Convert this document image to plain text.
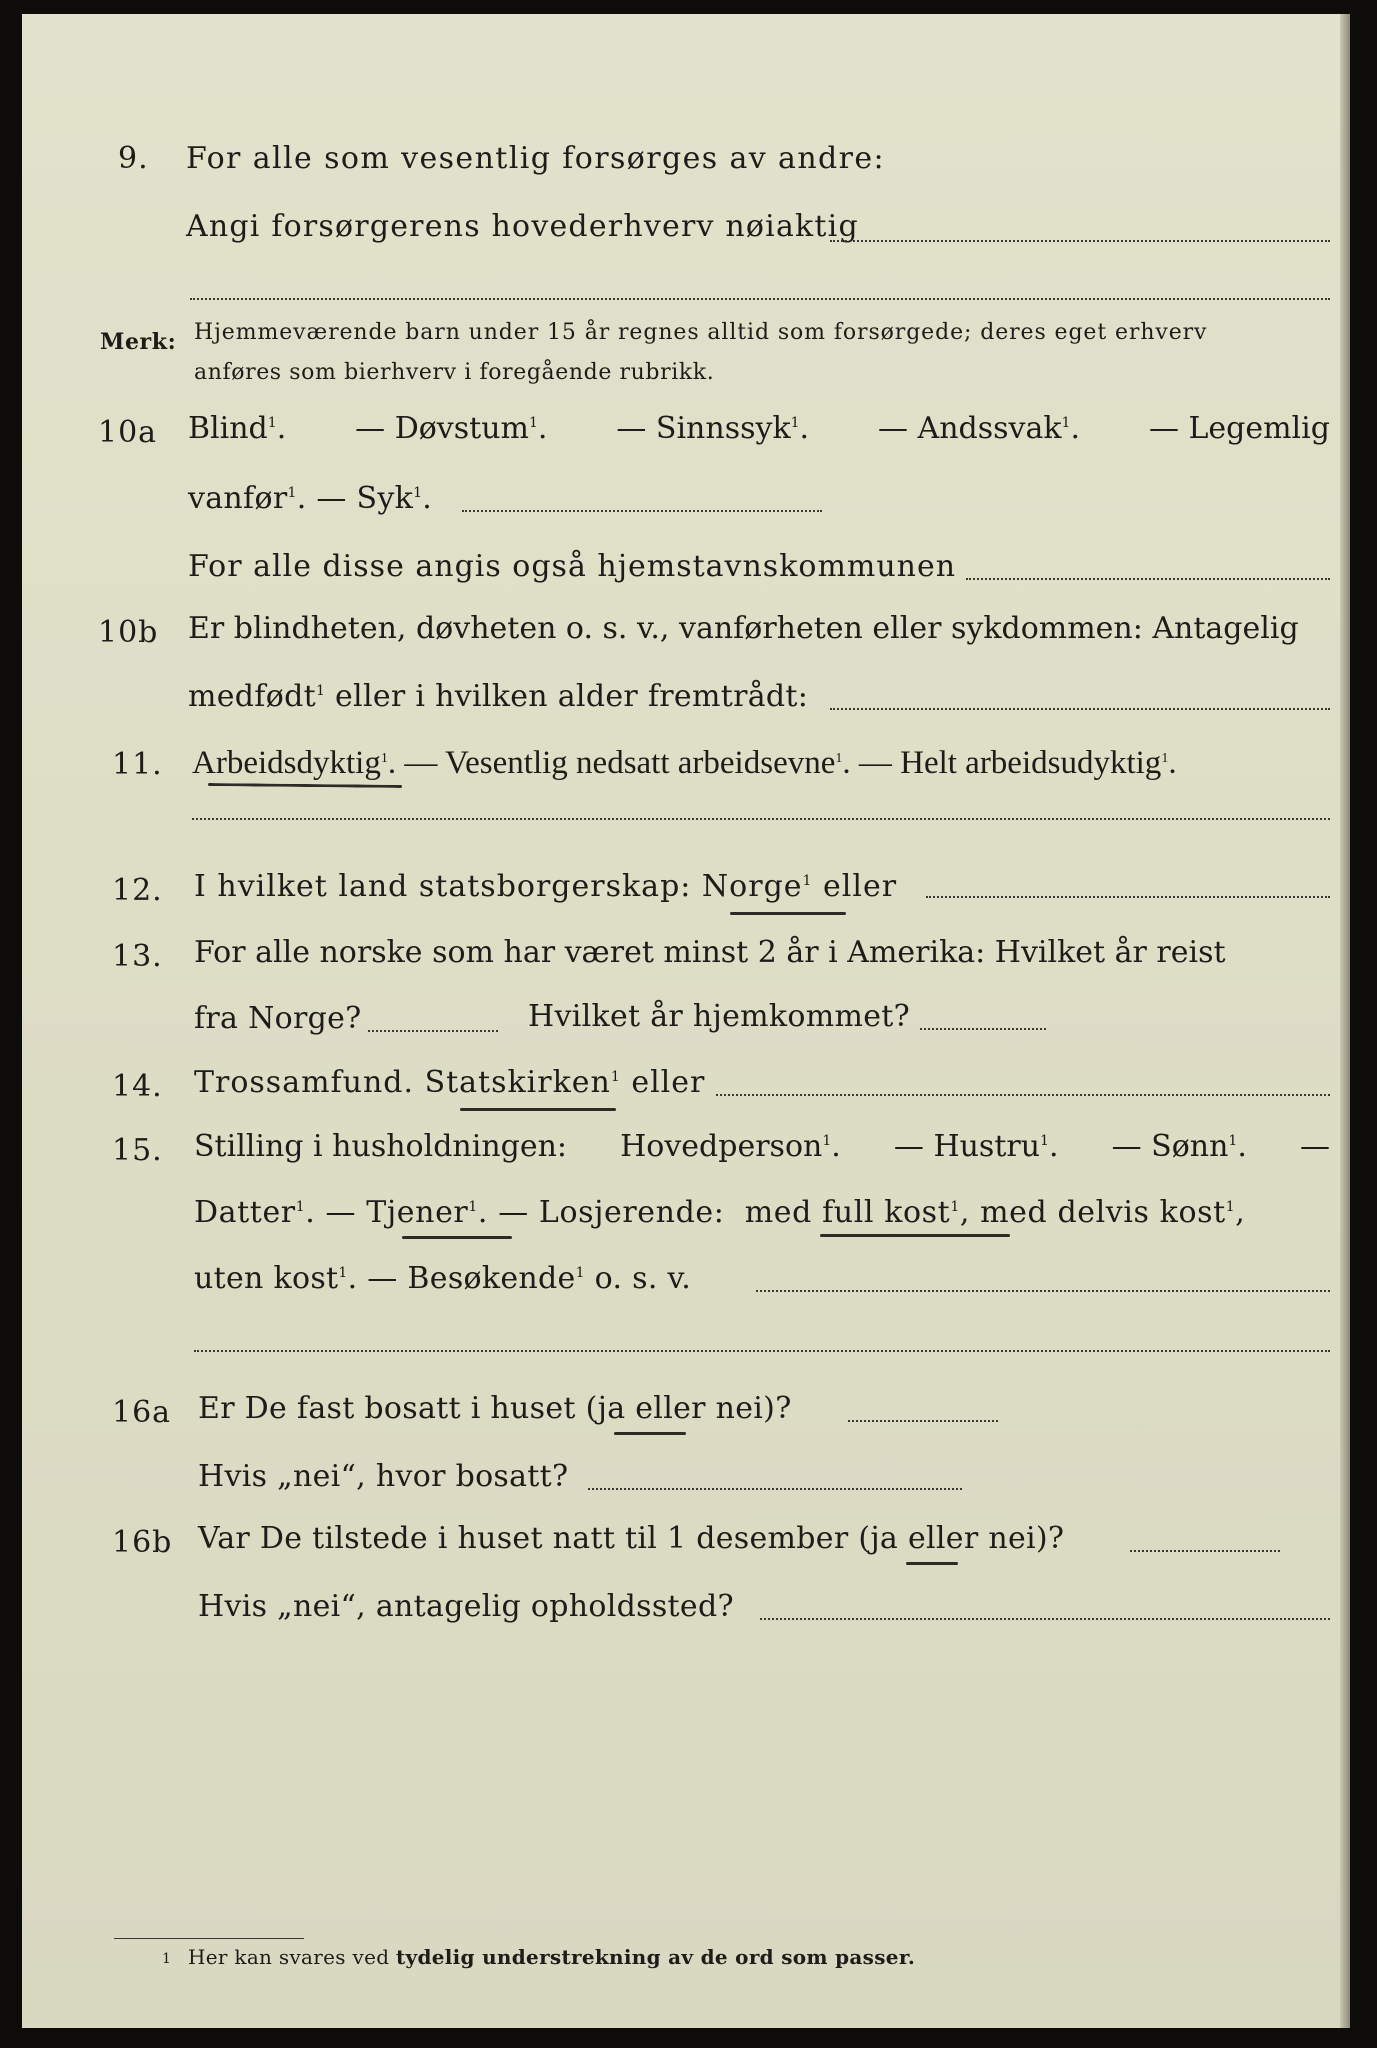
9. For alle som vesentlig forsørges av andre:
Angi forsørgerens hovederhverv nøiaktig
Merk: Hjemmeværende barn under 15 år regnes alltid som forsørgede; deres eget erhverv
anføres som bierhverv i foregående rubrikk.
10a Blind$^1$. — Døvstum$^1$. — Sinnssyk$^1$. — Andssvak$^1$. — Legemlig
vanfør$^1$. — Syk$^1$.
For alle disse angis også hjemstavnskommunen
10b Er blindheten, døvheten o. s. v., vanførheten eller sykdommen: Antagelig
medfødt$^1$ eller i hvilken alder fremtrådt:
11. Arbeidsdyktig$^1$. — Vesentlig nedsatt arbeidsevne$^1$. — Helt arbeidsudyktig$^1$.
12. I hvilket land statsborgerskap: Norge$^1$ eller
13. For alle norske som har været minst 2 år i Amerika: Hvilket år reist
fra Norge?	Hvilket år hjemkommet?
14. Trossamfund. Statskirken$^1$ eller
15. Stilling i husholdningen: Hovedperson$^1$. — Hustru$^1$. — Sønn$^1$. —
Datter$^1$. — Tjener$^1$. — Losjerende: med full kost$^1$, med delvis kost$^1$,
uten kost$^1$. — Besøkende$^1$ o. s. v.
16a Er De fast bosatt i huset (ja eller nei)?
Hvis „nei“, hvor bosatt?
16b Var De tilstede i huset natt til 1 desember (ja eller nei)?
Hvis „nei“, antagelig opholdssted?
1 Her kan svares ved tydelig understrekning av de ord som passer.
